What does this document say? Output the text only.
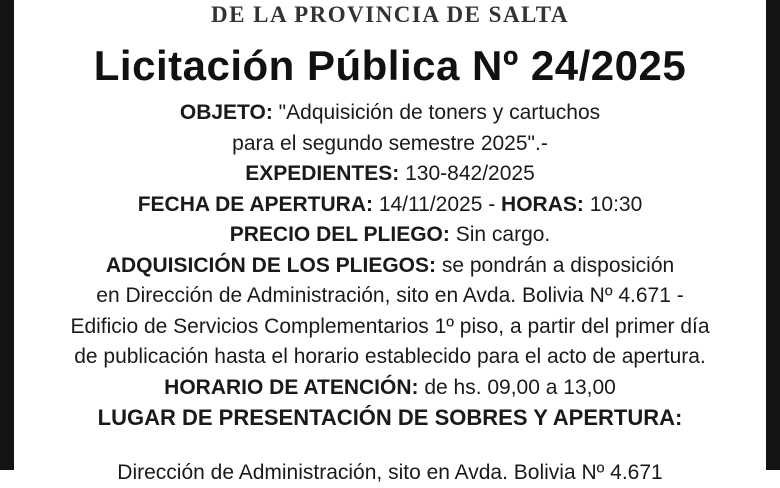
DE LA PROVINCIA DE SALTA
Licitación Pública Nº 24/2025
OBJETO: "Adquisición de toners y cartuchos
para el segundo semestre 2025".-
EXPEDIENTES: 130-842/2025
FECHA DE APERTURA: 14/11/2025 - HORAS: 10:30
PRECIO DEL PLIEGO: Sin cargo.
ADQUISICIÓN DE LOS PLIEGOS: se pondrán a disposición
en Dirección de Administración, sito en Avda. Bolivia Nº 4.671 -
Edificio de Servicios Complementarios 1º piso, a partir del primer día
de publicación hasta el horario establecido para el acto de apertura.
HORARIO DE ATENCIÓN: de hs. 09,00 a 13,00
LUGAR DE PRESENTACIÓN DE SOBRES Y APERTURA:
Dirección de Administración, sito en Avda. Bolivia Nº 4.671
